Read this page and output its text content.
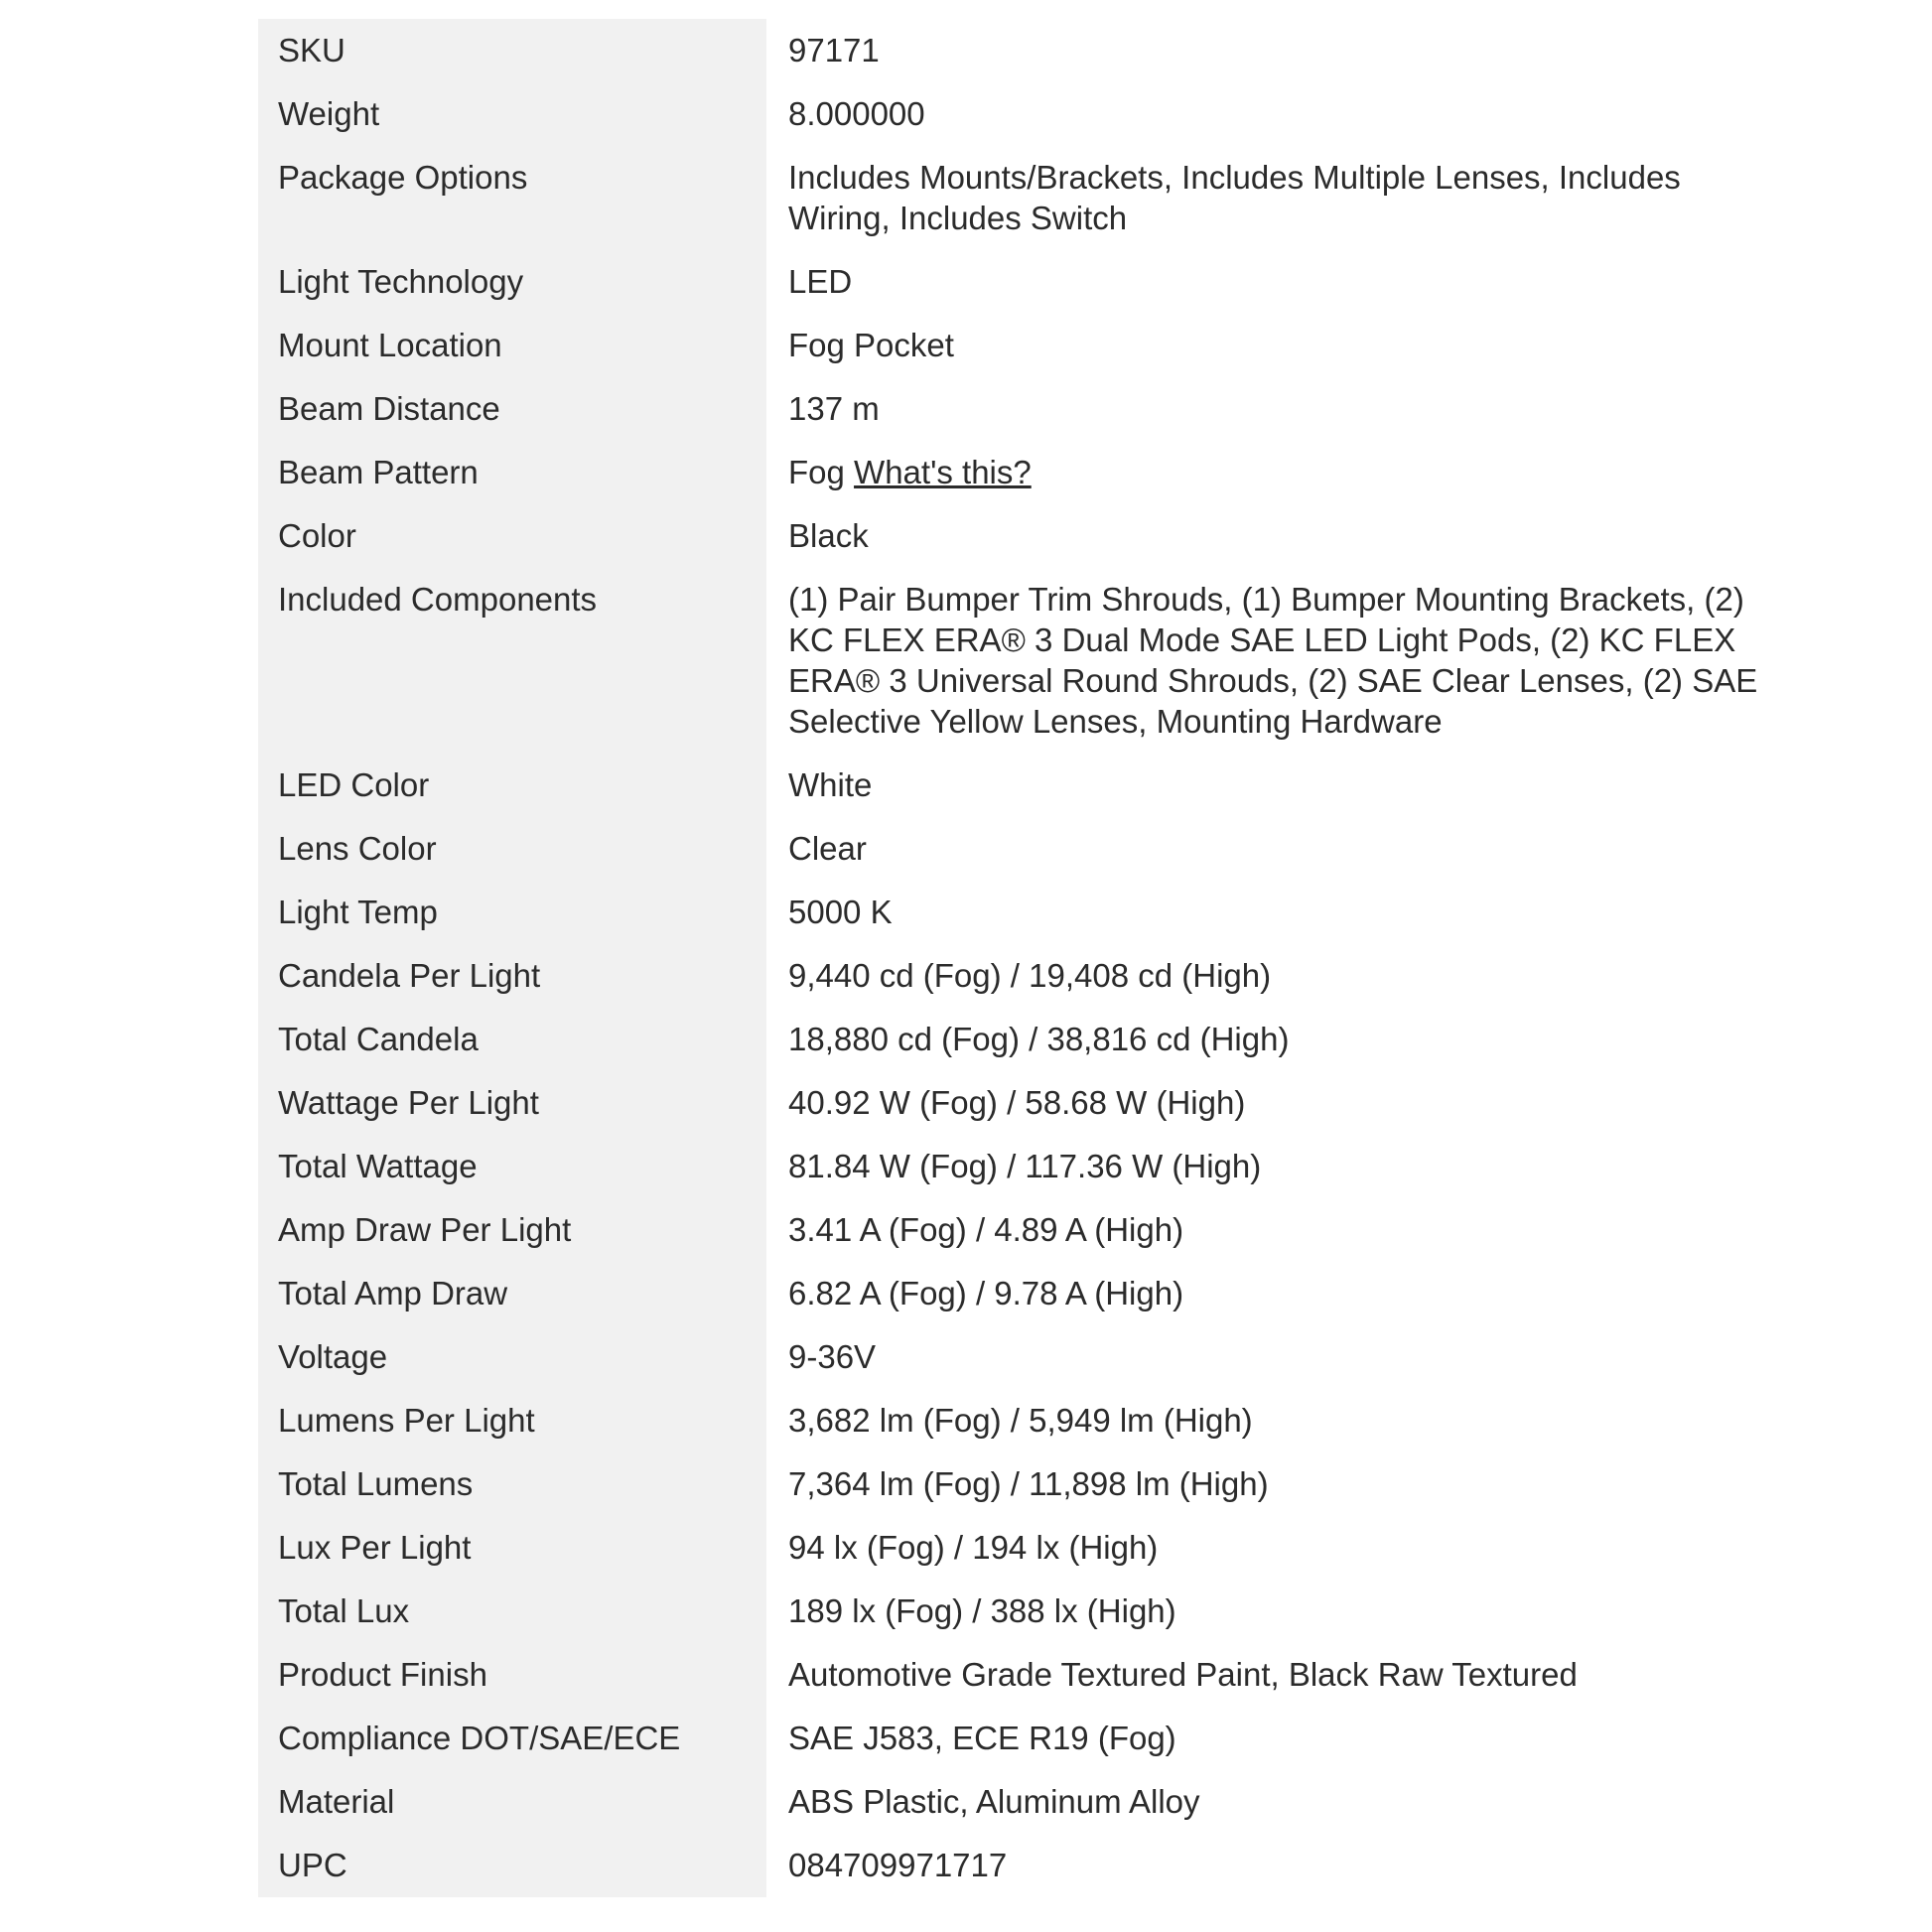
SKU	97171
Weight	8.000000
Package Options	Includes Mounts/Brackets, Includes Multiple Lenses, Includes Wiring, Includes Switch
Light Technology	LED
Mount Location	Fog Pocket
Beam Distance	137 m
Beam Pattern	Fog What's this?
Color	Black
Included Components	(1) Pair Bumper Trim Shrouds, (1) Bumper Mounting Brackets, (2) KC FLEX ERA® 3 Dual Mode SAE LED Light Pods, (2) KC FLEX ERA® 3 Universal Round Shrouds, (2) SAE Clear Lenses, (2) SAE Selective Yellow Lenses, Mounting Hardware
LED Color	White
Lens Color	Clear
Light Temp	5000 K
Candela Per Light	9,440 cd (Fog) / 19,408 cd (High)
Total Candela	18,880 cd (Fog) / 38,816 cd (High)
Wattage Per Light	40.92 W (Fog) / 58.68 W (High)
Total Wattage	81.84 W (Fog) / 117.36 W (High)
Amp Draw Per Light	3.41 A (Fog) / 4.89 A (High)
Total Amp Draw	6.82 A (Fog) / 9.78 A (High)
Voltage	9-36V
Lumens Per Light	3,682 lm (Fog) / 5,949 lm (High)
Total Lumens	7,364 lm (Fog) / 11,898 lm (High)
Lux Per Light	94 lx (Fog) / 194 lx (High)
Total Lux	189 lx (Fog) / 388 lx (High)
Product Finish	Automotive Grade Textured Paint, Black Raw Textured
Compliance DOT/SAE/ECE	SAE J583, ECE R19 (Fog)
Material	ABS Plastic, Aluminum Alloy
UPC	084709971717
